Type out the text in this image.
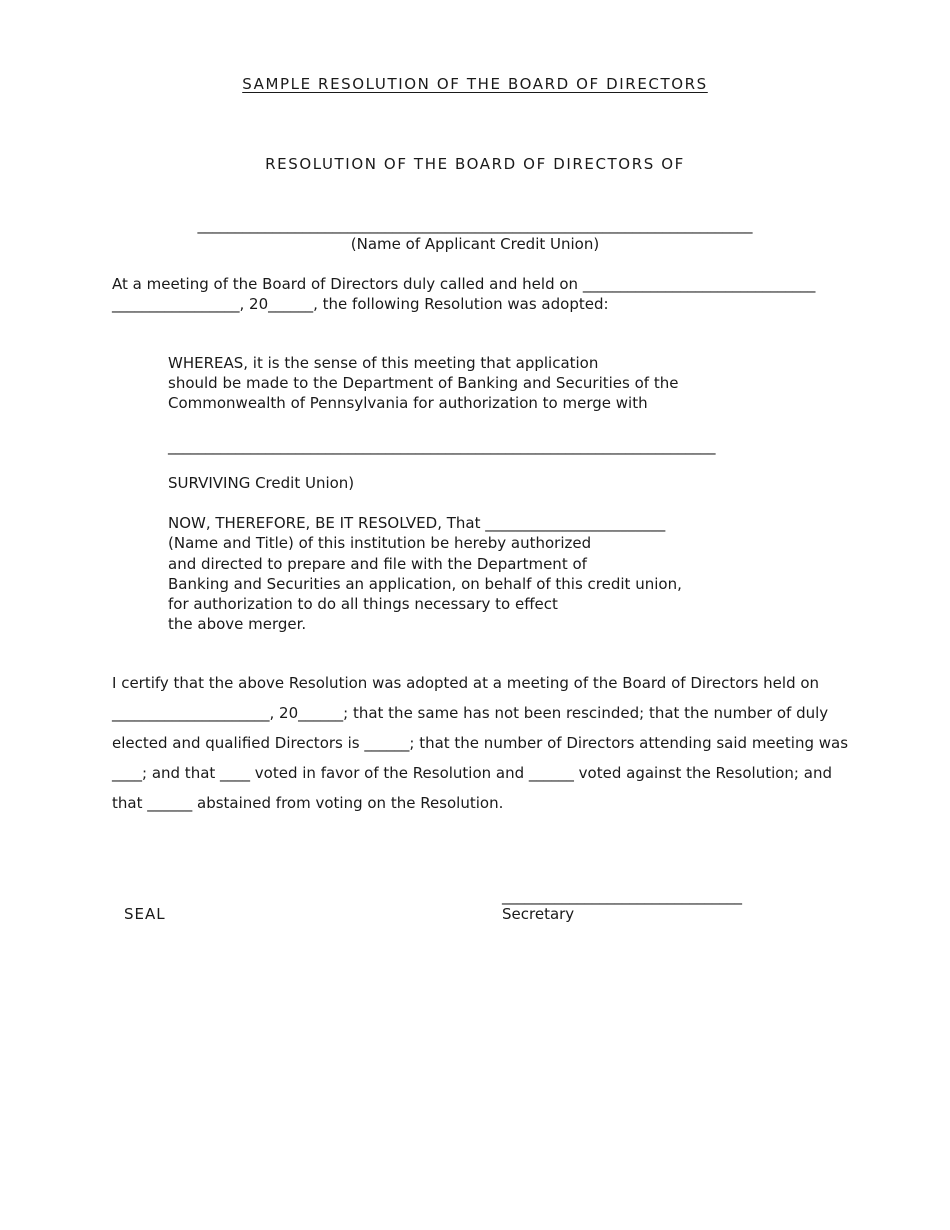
SAMPLE RESOLUTION OF THE BOARD OF DIRECTORS

RESOLUTION OF THE BOARD OF DIRECTORS OF

__________________________________________________________________________

(Name of Applicant Credit Union)

At a meeting of the Board of Directors duly called and held on _______________________________

_________________, 20______, the following Resolution was adopted:

WHEREAS, it is the sense of this meeting that application

should be made to the Department of Banking and Securities of the

Commonwealth of Pennsylvania for authorization to merge with

_________________________________________________________________________

SURVIVING Credit Union)

NOW, THEREFORE, BE IT RESOLVED, That ________________________

(Name and Title) of this institution be hereby authorized

and directed to prepare and file with the Department of

Banking and Securities an application, on behalf of this credit union,

for authorization to do all things necessary to effect

the above merger.

I certify that the above Resolution was adopted at a meeting of the Board of Directors held on

_____________________, 20______; that the same has not been rescinded; that the number of duly

elected and qualified Directors is ______; that the number of Directors attending said meeting was

____; and that ____ voted in favor of the Resolution and ______ voted against the Resolution; and

that ______ abstained from voting on the Resolution.

________________________________

SEAL	Secretary
